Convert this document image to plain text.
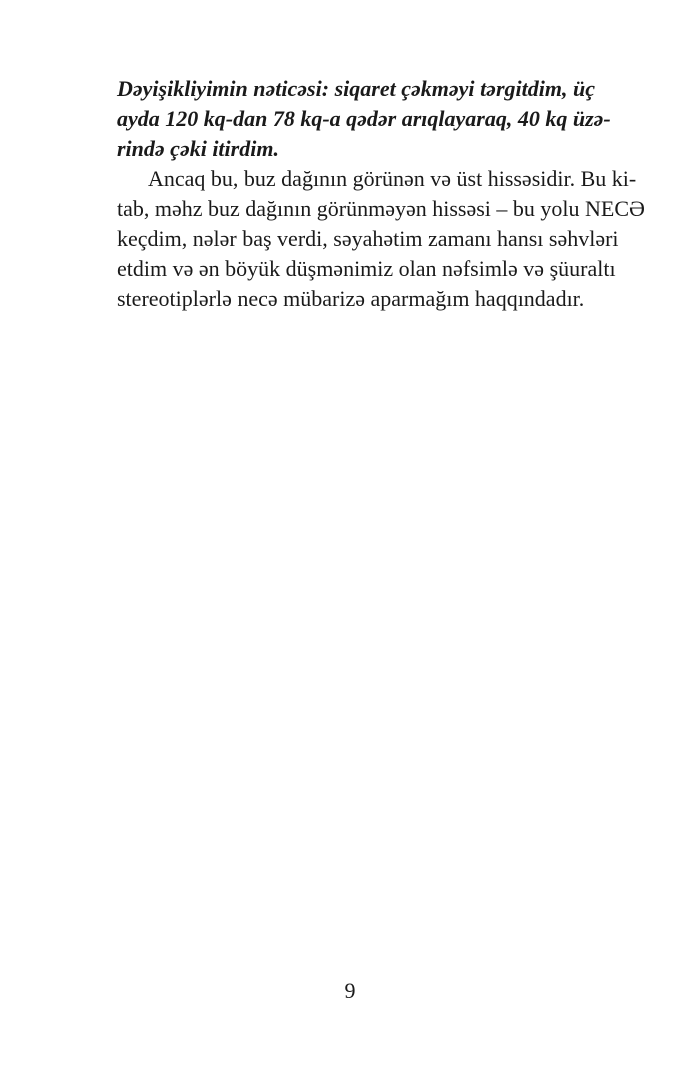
Dəyişikliyimin nəticəsi: siqaret çəkməyi tərgitdim, üç
ayda 120 kq-dan 78 kq-a qədər arıqlayaraq, 40 kq üzə-
rində çəki itirdim.
Ancaq bu, buz dağının görünən və üst hissəsidir. Bu ki-
tab, məhz buz dağının görünməyən hissəsi – bu yolu NECƏ
keçdim, nələr baş verdi, səyahətim zamanı hansı səhvləri
etdim və ən böyük düşmənimiz olan nəfsimlə və şüuraltı
stereotiplərlə necə mübarizə aparmağım haqqındadır.
9
